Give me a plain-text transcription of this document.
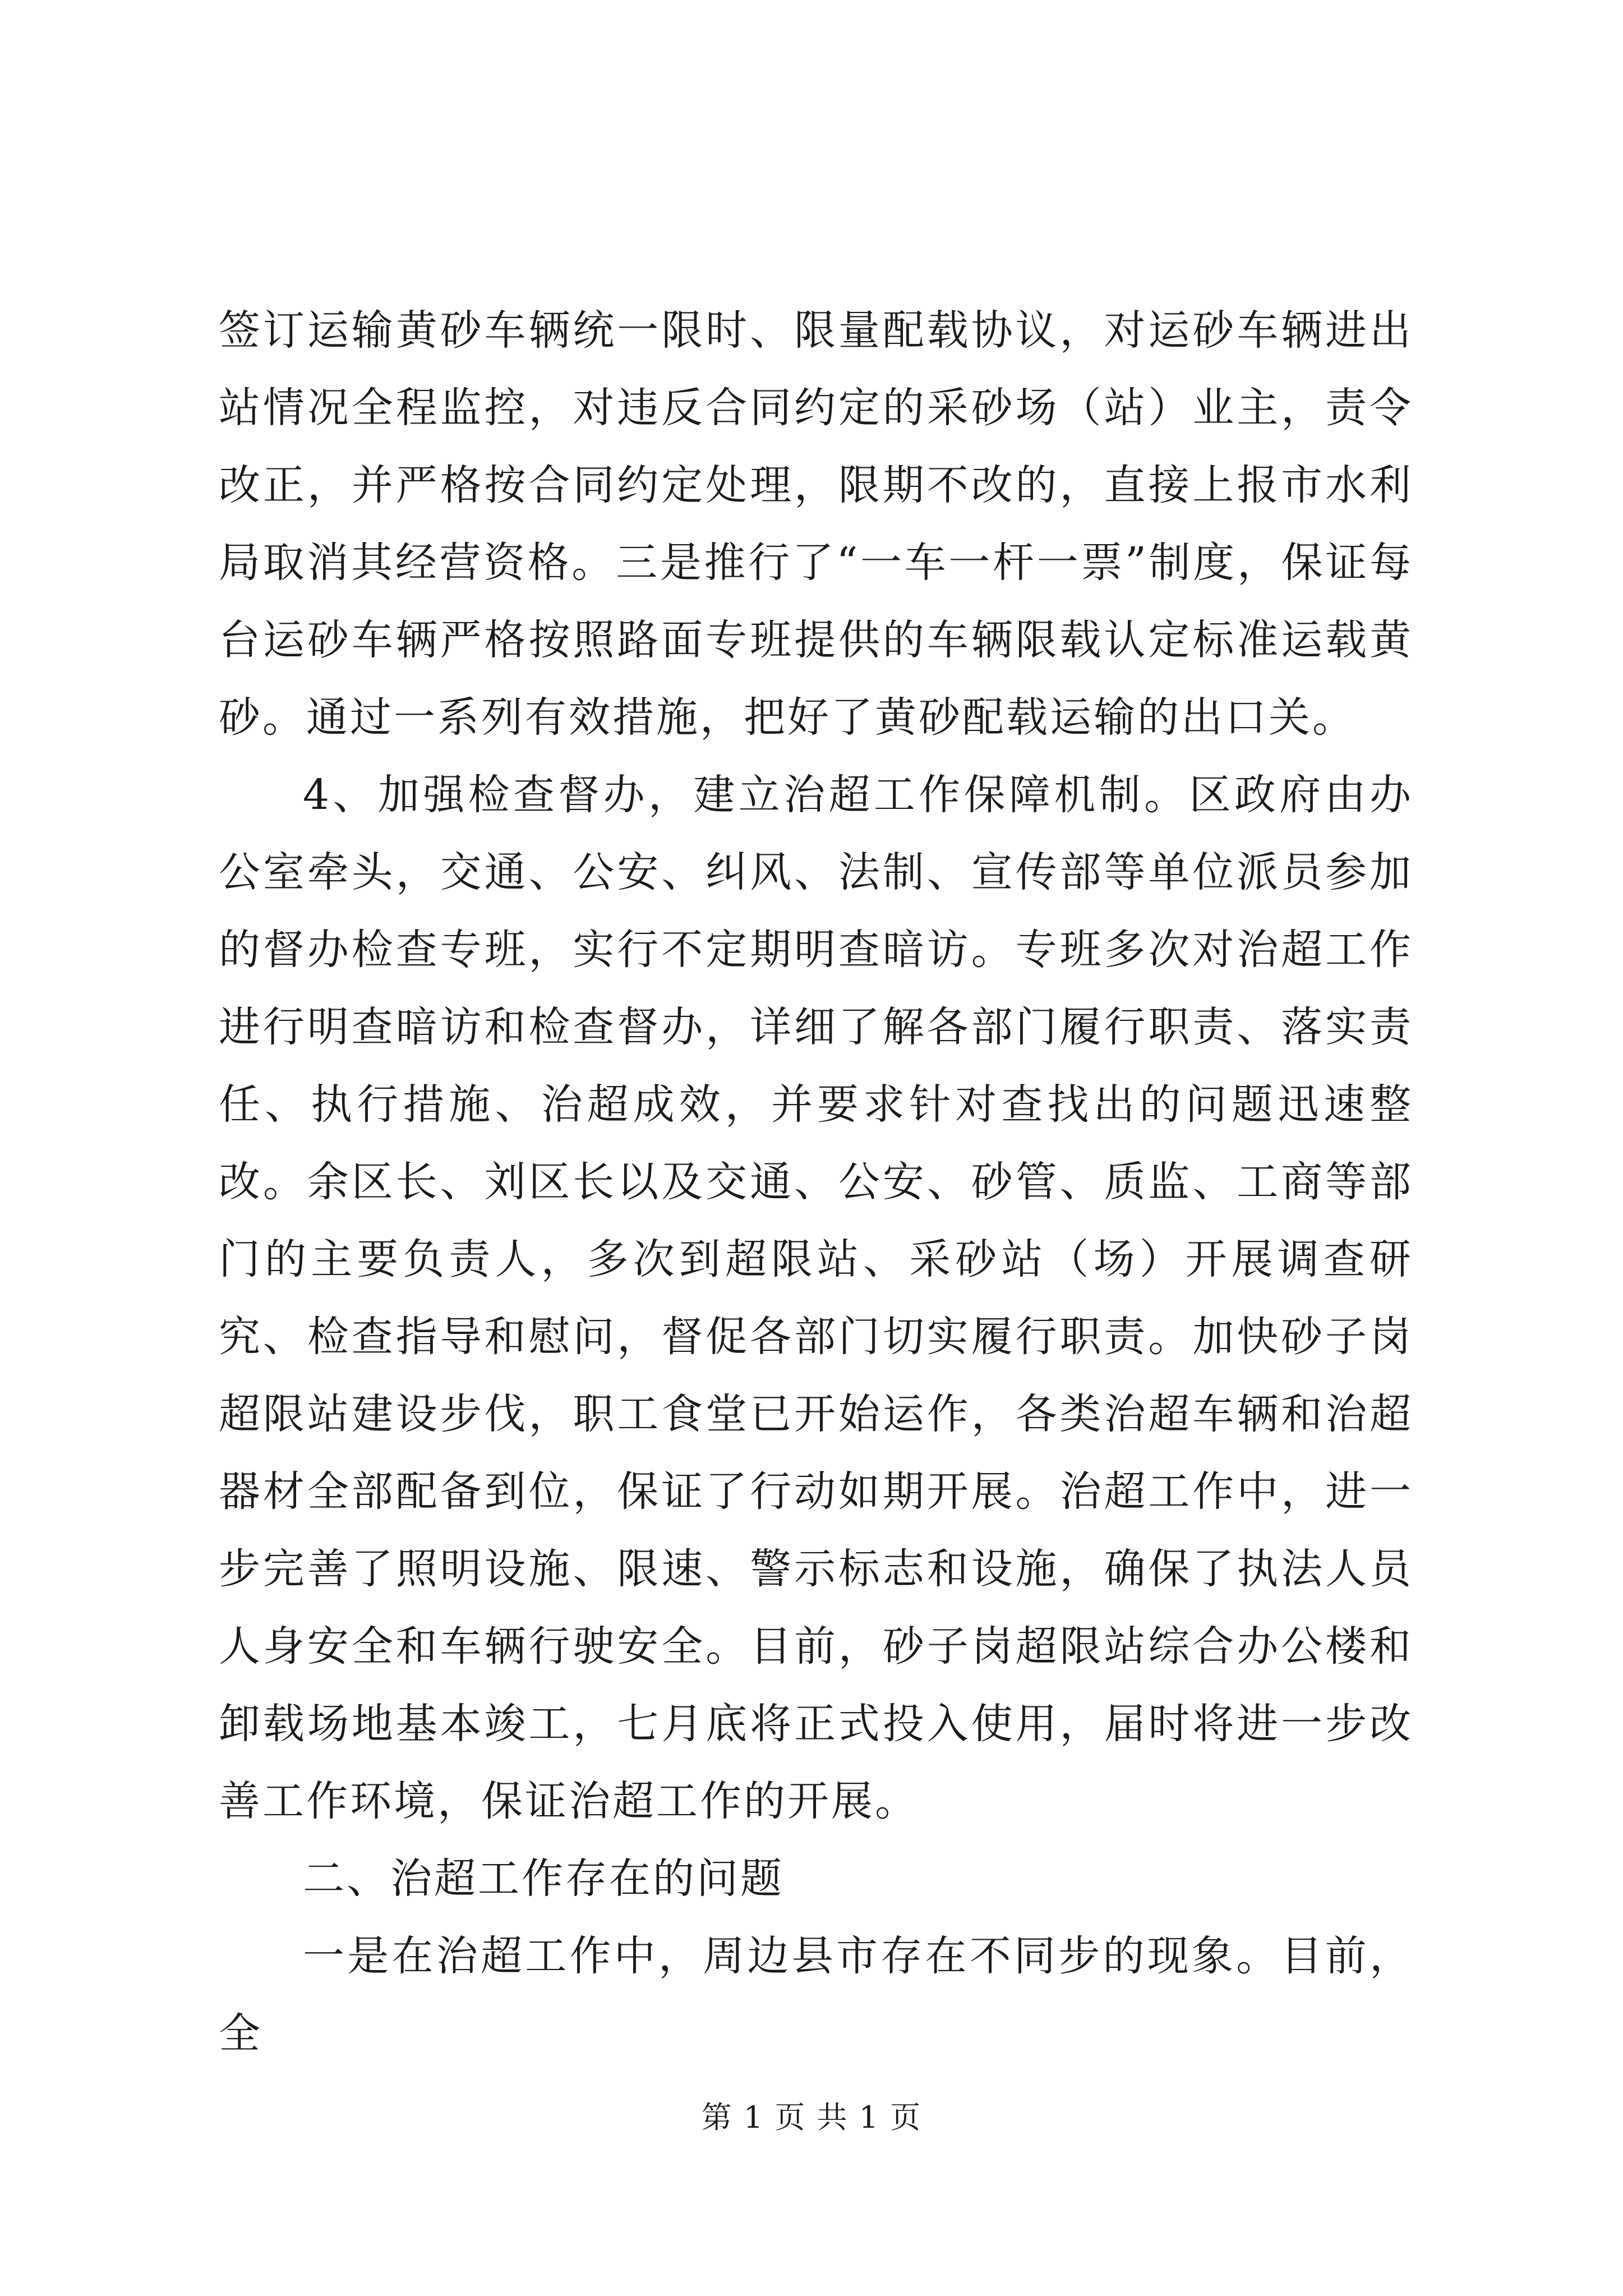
签订运输黄砂车辆统一限时、限量配载协议，对运砂车辆进出站情况全程监控，对违反合同约定的采砂场（站）业主，责令改正，并严格按合同约定处理，限期不改的，直接上报市水利局取消其经营资格。三是推行了“一车一杆一票”制度，保证每台运砂车辆严格按照路面专班提供的车辆限载认定标准运载黄砂。通过一系列有效措施，把好了黄砂配载运输的出口关。

4、加强检查督办，建立治超工作保障机制。区政府由办公室牵头，交通、公安、纠风、法制、宣传部等单位派员参加的督办检查专班，实行不定期明查暗访。专班多次对治超工作进行明查暗访和检查督办，详细了解各部门履行职责、落实责任、执行措施、治超成效，并要求针对查找出的问题迅速整改。余区长、刘区长以及交通、公安、砂管、质监、工商等部门的主要负责人，多次到超限站、采砂站（场）开展调查研究、检查指导和慰问，督促各部门切实履行职责。加快砂子岗超限站建设步伐，职工食堂已开始运作，各类治超车辆和治超器材全部配备到位，保证了行动如期开展。治超工作中，进一步完善了照明设施、限速、警示标志和设施，确保了执法人员人身安全和车辆行驶安全。目前，砂子岗超限站综合办公楼和卸载场地基本竣工，七月底将正式投入使用，届时将进一步改善工作环境，保证治超工作的开展。

二、治超工作存在的问题

一是在治超工作中，周边县市存在不同步的现象。目前，全

第 1 页 共 1 页
